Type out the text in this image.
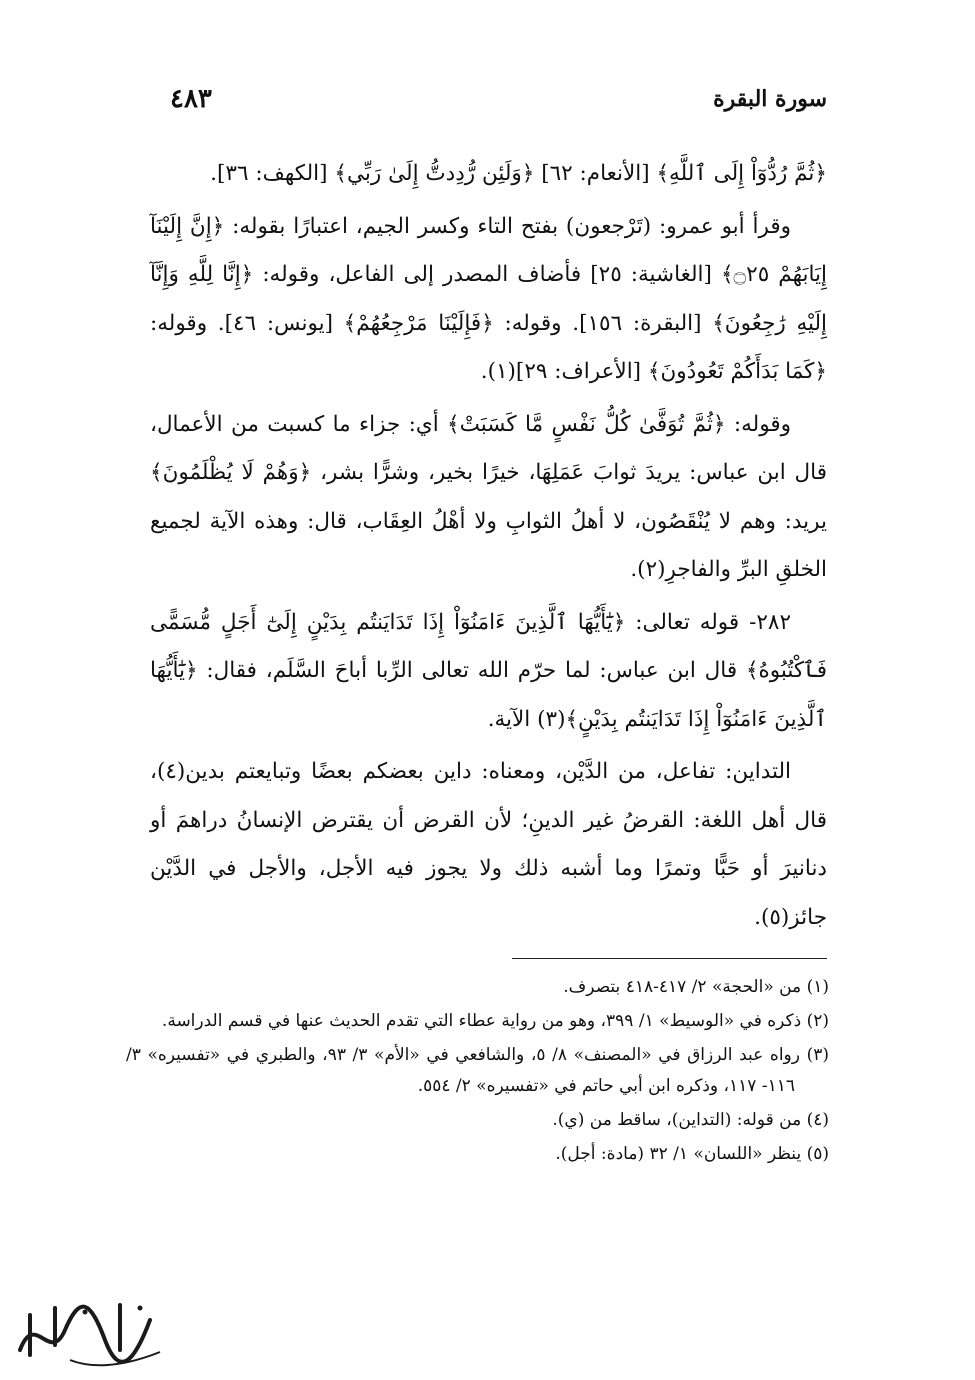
٤٨٣	سورة البقرة

﴿ثُمَّ رُدُّوٓاْ إِلَى ٱللَّهِ﴾ [الأنعام: ٦٢] ﴿وَلَئِن رُّدِدتُّ إِلَىٰ رَبِّي﴾ [الكهف: ٣٦].

وقرأ أبو عمرو: (تَرْجعون) بفتح التاء وكسر الجيم، اعتبارًا بقوله: ﴿إِنَّ إِلَيْنَآ إِيَابَهُمْ ۝٢٥﴾ [الغاشية: ٢٥] فأضاف المصدر إلى الفاعل، وقوله: ﴿إِنَّا لِلَّهِ وَإِنَّآ إِلَيْهِ رَٰجِعُونَ﴾ [البقرة: ١٥٦]. وقوله: ﴿فَإِلَيْنَا مَرْجِعُهُمْ﴾ [يونس: ٤٦]. وقوله: ﴿كَمَا بَدَأَكُمْ تَعُودُونَ﴾ [الأعراف: ٢٩](١).

وقوله: ﴿ثُمَّ تُوَفَّىٰ كُلُّ نَفْسٍ مَّا كَسَبَتْ﴾ أي: جزاء ما كسبت من الأعمال، قال ابن عباس: يريدَ ثوابَ عَمَلِهَا، خيرًا بخير، وشرًّا بشر، ﴿وَهُمْ لَا يُظْلَمُونَ﴾ يريد: وهم لا يُنْقَصُون، لا أهلُ الثوابِ ولا أهْلُ العِقَاب، قال: وهذه الآية لجميع الخلقِ البرِّ والفاجرِ(٢).

٢٨٢- قوله تعالى: ﴿يَٰٓأَيُّهَا ٱلَّذِينَ ءَامَنُوٓاْ إِذَا تَدَايَنتُم بِدَيْنٍ إِلَىٰٓ أَجَلٍ مُّسَمًّى فَٱكْتُبُوهُ﴾ قال ابن عباس: لما حرّم الله تعالى الرِّبا أباحَ السَّلَم، فقال: ﴿يَٰٓأَيُّهَا ٱلَّذِينَ ءَامَنُوٓاْ إِذَا تَدَايَنتُم بِدَيْنٍ﴾(٣) الآية.

التداين: تفاعل، من الدَّيْن، ومعناه: داين بعضكم بعضًا وتبايعتم بدين(٤)، قال أهل اللغة: القرضُ غير الدينِ؛ لأن القرض أن يقترض الإنسانُ دراهمَ أو دنانيرَ أو حَبًّا وتمرًا وما أشبه ذلك ولا يجوز فيه الأجل، والأجل في الدَّيْن جائز(٥).

(١) من «الحجة» ٢/ ٤١٧-٤١٨ بتصرف.
(٢) ذكره في «الوسيط» ١/ ٣٩٩، وهو من رواية عطاء التي تقدم الحديث عنها في قسم الدراسة.
(٣) رواه عبد الرزاق في «المصنف» ٨/ ٥، والشافعي في «الأم» ٣/ ٩٣، والطبري في «تفسيره» ٣/ ١١٦- ١١٧، وذكره ابن أبي حاتم في «تفسيره» ٢/ ٥٥٤.
(٤) من قوله: (التداين)، ساقط من (ي).
(٥) ينظر «اللسان» ١/ ٣٢ (مادة: أجل).
